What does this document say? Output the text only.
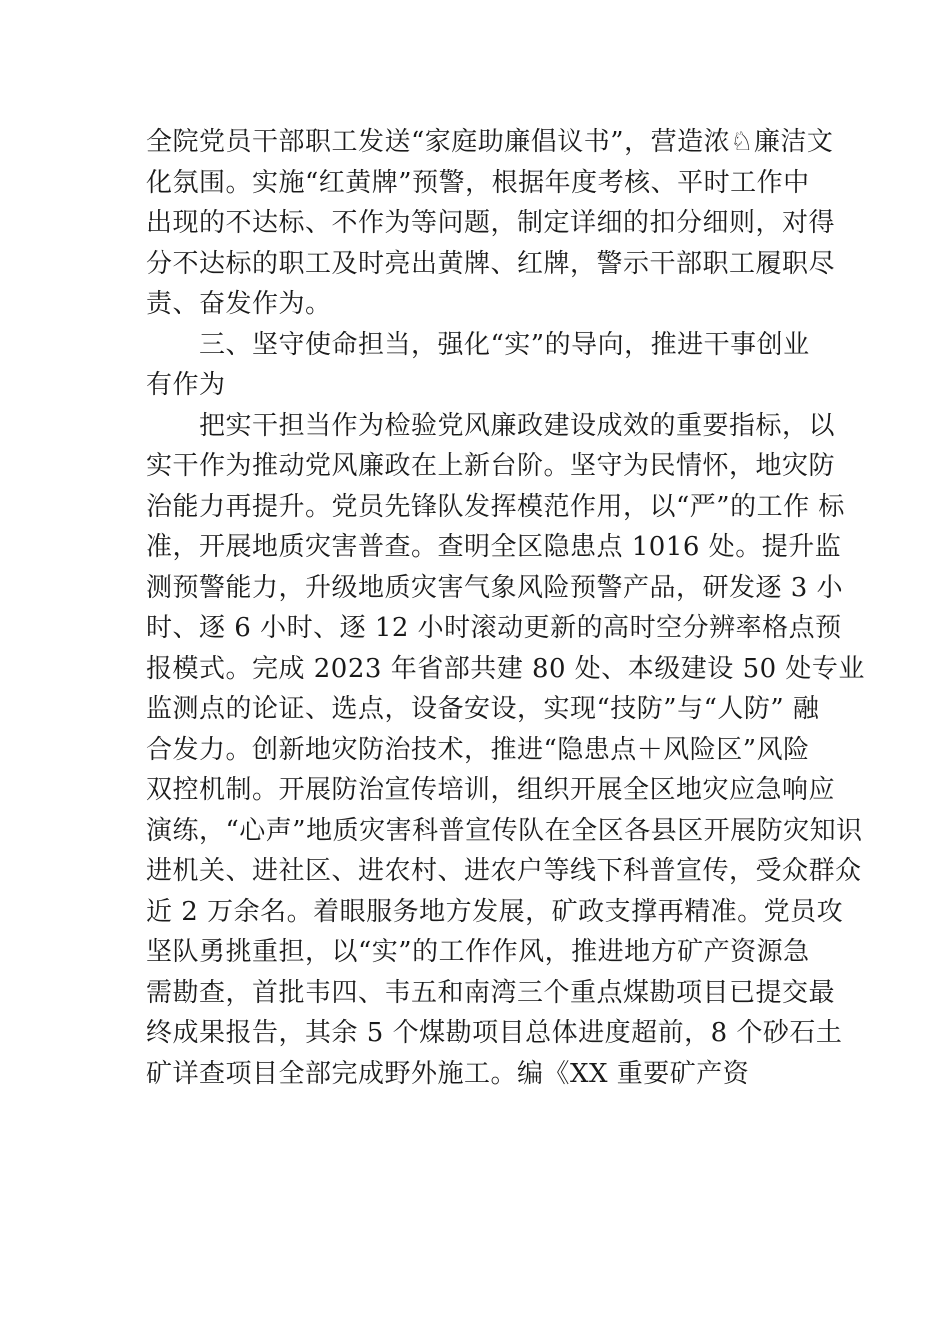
全院党员干部职工发送“家庭助廉倡议书”，营造浓♘廉洁文
化氛围。实施“红黄牌”预警，根据年度考核、平时工作中
出现的不达标、不作为等问题，制定详细的扣分细则，对得
分不达标的职工及时亮出黄牌、红牌，警示干部职工履职尽
责、奋发作为。
　　三、坚守使命担当，强化“实”的导向，推进干事创业
有作为
　　把实干担当作为检验党风廉政建设成效的重要指标，以
实干作为推动党风廉政在上新台阶。坚守为民情怀，地灾防
治能力再提升。党员先锋队发挥模范作用，以“严”的工作 标
准，开展地质灾害普查。查明全区隐患点 1016 处。提升监
测预警能力，升级地质灾害气象风险预警产品，研发逐 3 小
时、逐 6 小时、逐 12 小时滚动更新的高时空分辨率格点预
报模式。完成 2023 年省部共建 80 处、本级建设 50 处专业
监测点的论证、选点，设备安设，实现“技防”与“人防” 融
合发力。创新地灾防治技术，推进“隐患点＋风险区”风险
双控机制。开展防治宣传培训，组织开展全区地灾应急响应
演练，“心声”地质灾害科普宣传队在全区各县区开展防灾知识
进机关、进社区、进农村、进农户等线下科普宣传，受众群众
近 2 万余名。着眼服务地方发展，矿政支撑再精准。党员攻
坚队勇挑重担，以“实”的工作作风，推进地方矿产资源急
需勘查，首批韦四、韦五和南湾三个重点煤勘项目已提交最
终成果报告，其余 5 个煤勘项目总体进度超前，8 个砂石土
矿详查项目全部完成野外施工。编《XX 重要矿产资
